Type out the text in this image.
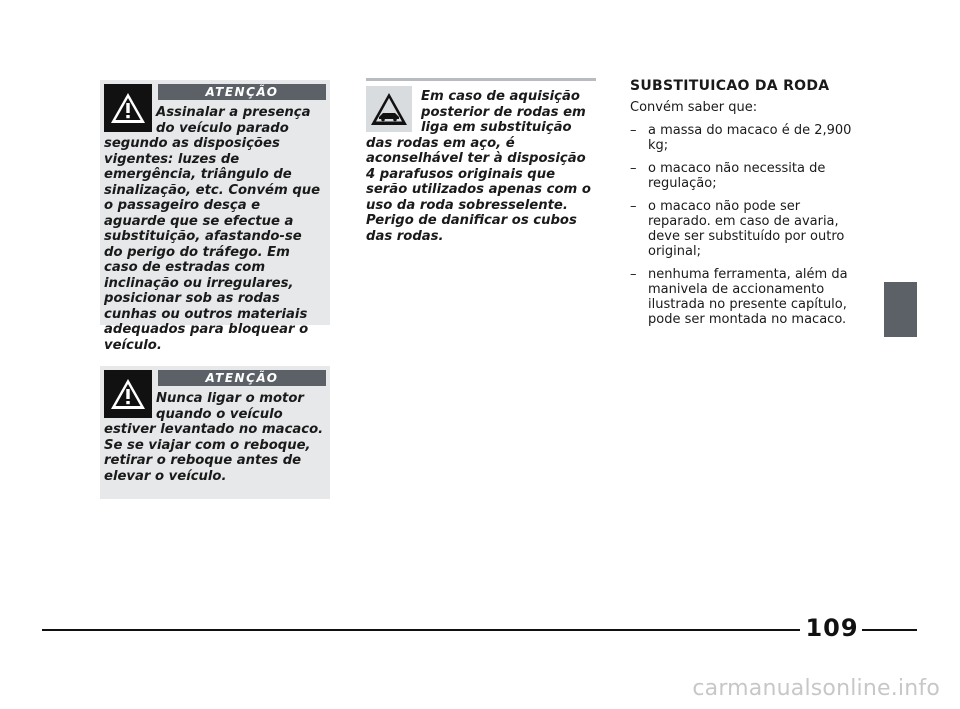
ATENÇÃO
Assinalar a presença do veículo parado segundo as disposições vigentes: luzes de emergência, triângulo de sinalização, etc. Convém que o passageiro desça e aguarde que se efectue a substituição, afastando-se do perigo do tráfego. Em caso de estradas com inclinação ou irregulares, posicionar sob as rodas cunhas ou outros materiais adequados para bloquear o veículo.
ATENÇÃO
Nunca ligar o motor quando o veículo estiver levantado no macaco. Se se viajar com o reboque, retirar o reboque antes de elevar o veículo.
Em caso de aquisição posterior de rodas em liga em substituição das rodas em aço, é aconselhável ter à disposição 4 parafusos originais que serão utilizados apenas com o uso da roda sobresselente. Perigo de danificar os cubos das rodas.
SUBSTITUICAO DA RODA

Convém saber que:

– a massa do macaco é de 2,900 kg;
– o macaco não necessita de regulação;
– o macaco não pode ser reparado. em caso de avaria, deve ser substituído por outro original;
– nenhuma ferramenta, além da manivela de accionamento ilustrada no presente capítulo, pode ser montada no macaco.
109
carmanualsonline.info
